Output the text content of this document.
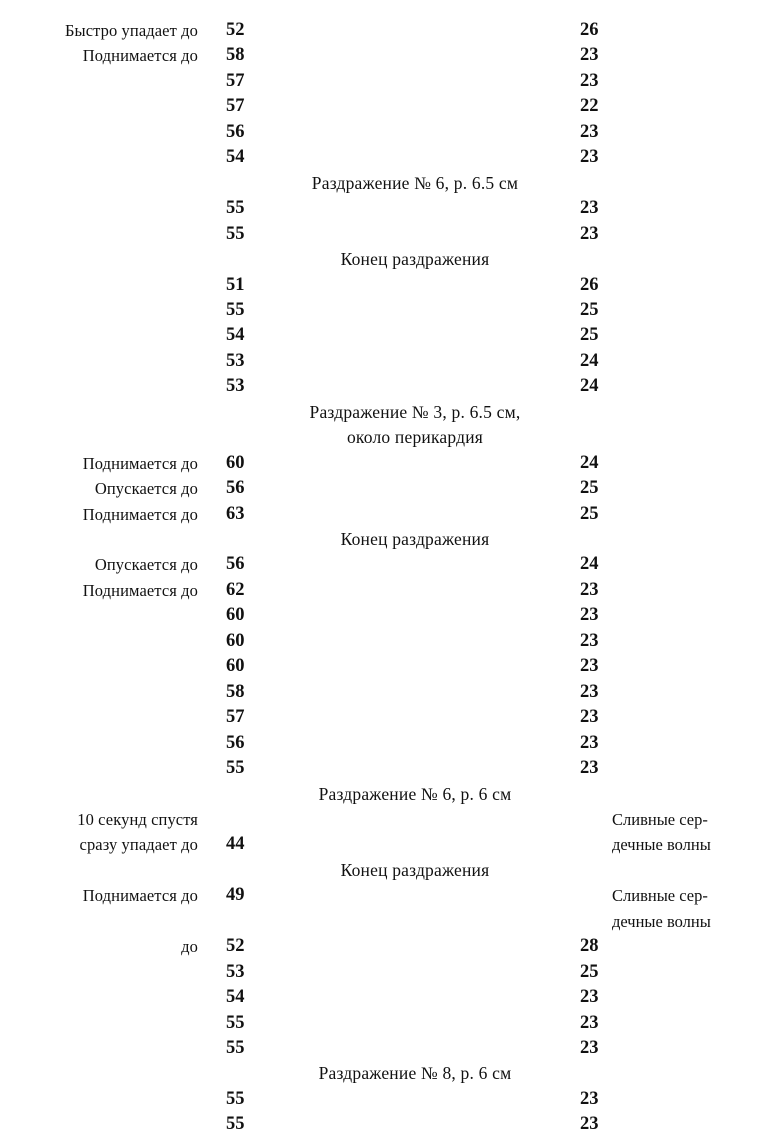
Быстро упадает до 52	26
Поднимается до 58	23
57	23
57	22
56	23
54	23
Раздражение № 6, р. 6.5 см
55	23
55	23
Конец раздражения
51	26
55	25
54	25
53	24
53	24
Раздражение № 3, р. 6.5 см,
около перикардия
Поднимается до 60	24
Опускается до 56	25
Поднимается до 63	25
Конец раздражения
Опускается до 56	24
Поднимается до 62	23
60	23
60	23
60	23
58	23
57	23
56	23
55	23
Раздражение № 6, р. 6 см
10 секунд спустя	Сливные сер-
сразу упадает до 44	дечные волны
Конец раздражения
Поднимается до 49	Сливные сер-
дечные волны
до 52	28
53	25
54	23
55	23
55	23
Раздражение № 8, р. 6 см
55	23
55	23
